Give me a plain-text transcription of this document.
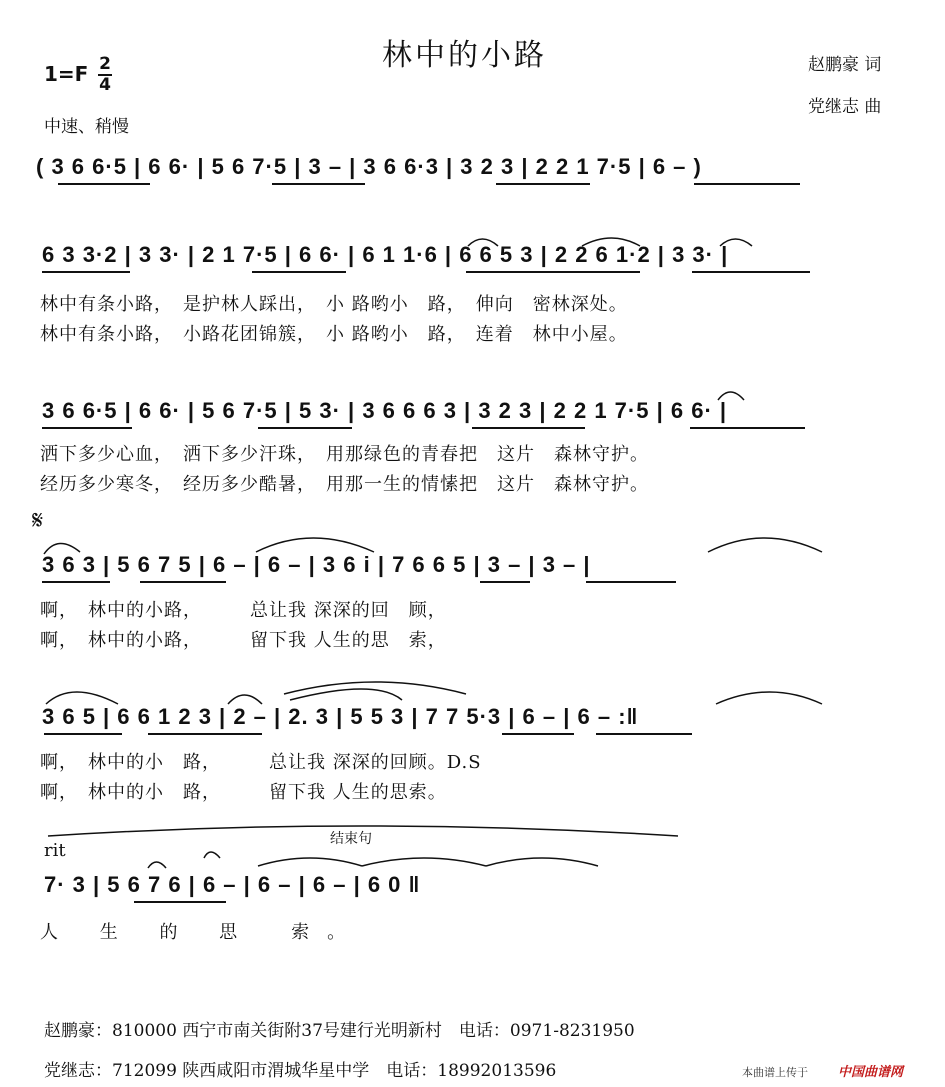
林中的小路	赵鹏豪 词
党继志 曲
1=F 2
4
中速、稍慢
( 3 6 6·5 | 6 6· | 5 6 7·5 | 3 – | 3 6 6·3 | 3 2 3 | 2 2 1 7·5 | 6 – )
6 3 3·2 | 3 3· | 2 1 7·5 | 6 6· | 6 1 1·6 | 6 6 5 3 | 2 2 6 1·2 | 3 3· |
林中有条小路，　是护林人踩出，　小 路哟小　路，　伸向　密林深处。
林中有条小路，　小路花团锦簇，　小 路哟小　路，　连着　林中小屋。
3 6 6·5 | 6 6· | 5 6 7·5 | 5 3· | 3 6 6 6 3 | 3 2 3 | 2 2 1 7·5 | 6 6· |
洒下多少心血，　洒下多少汗珠，　用那绿色的青春把　这片　森林守护。
经历多少寒冬，　经历多少酷暑，　用那一生的情愫把　这片　森林守护。
𝄋
3 6 3 | 5 6 7 5 | 6 – | 6 – | 3 6 i | 7 6 6 5 | 3 – | 3 – |
啊，　林中的小路，　　　总让我 深深的回　顾，
啊，　林中的小路，　　　留下我 人生的思　索，
3 6 5 | 6 6 1 2 3 | 2 – | 2. 3 | 5 5 3 | 7 7 5·3 | 6 – | 6 – :‖
啊，　林中的小　路，　　　总让我 深深的回顾。D.S
啊，　林中的小　路，　　　留下我 人生的思索。
结束句
rit
7· 3 | 5 6 7 6 | 6 – | 6 – | 6 – | 6 0 ‖
人 生 的 思　索。
赵鹏豪：810000 西宁市南关街附37号建行光明新村　电话：0971-8231950
党继志：712099 陕西咸阳市渭城华星中学　电话：18992013596	本曲谱上传于 中国曲谱网
